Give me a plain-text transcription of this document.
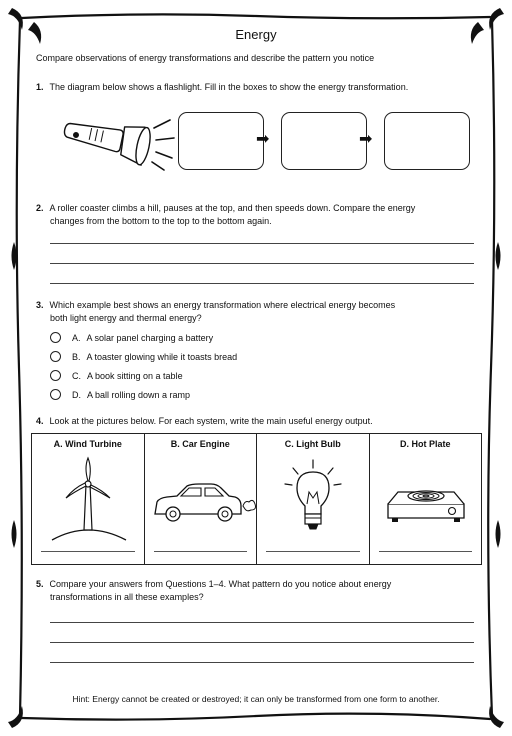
Energy
Compare observations of energy transformations and describe the pattern you notice
1. The diagram below shows a flashlight. Fill in the boxes to show the energy transformation.
➡	➡
2. A roller coaster climbs a hill, pauses at the top, and then speeds down. Compare the energy
changes from the bottom to the top to the bottom again.
3. Which example best shows an energy transformation where electrical energy becomes
both light energy and thermal energy?
A. A solar panel charging a battery
B. A toaster glowing while it toasts bread
C. A book sitting on a table
D. A ball rolling down a ramp
4. Look at the pictures below. For each system, write the main useful energy output.
A. Wind Turbine	B. Car Engine	C. Light Bulb	D. Hot Plate
5. Compare your answers from Questions 1–4. What pattern do you notice about energy
transformations in all these examples?
Hint: Energy cannot be created or destroyed; it can only be transformed from one form to another.
